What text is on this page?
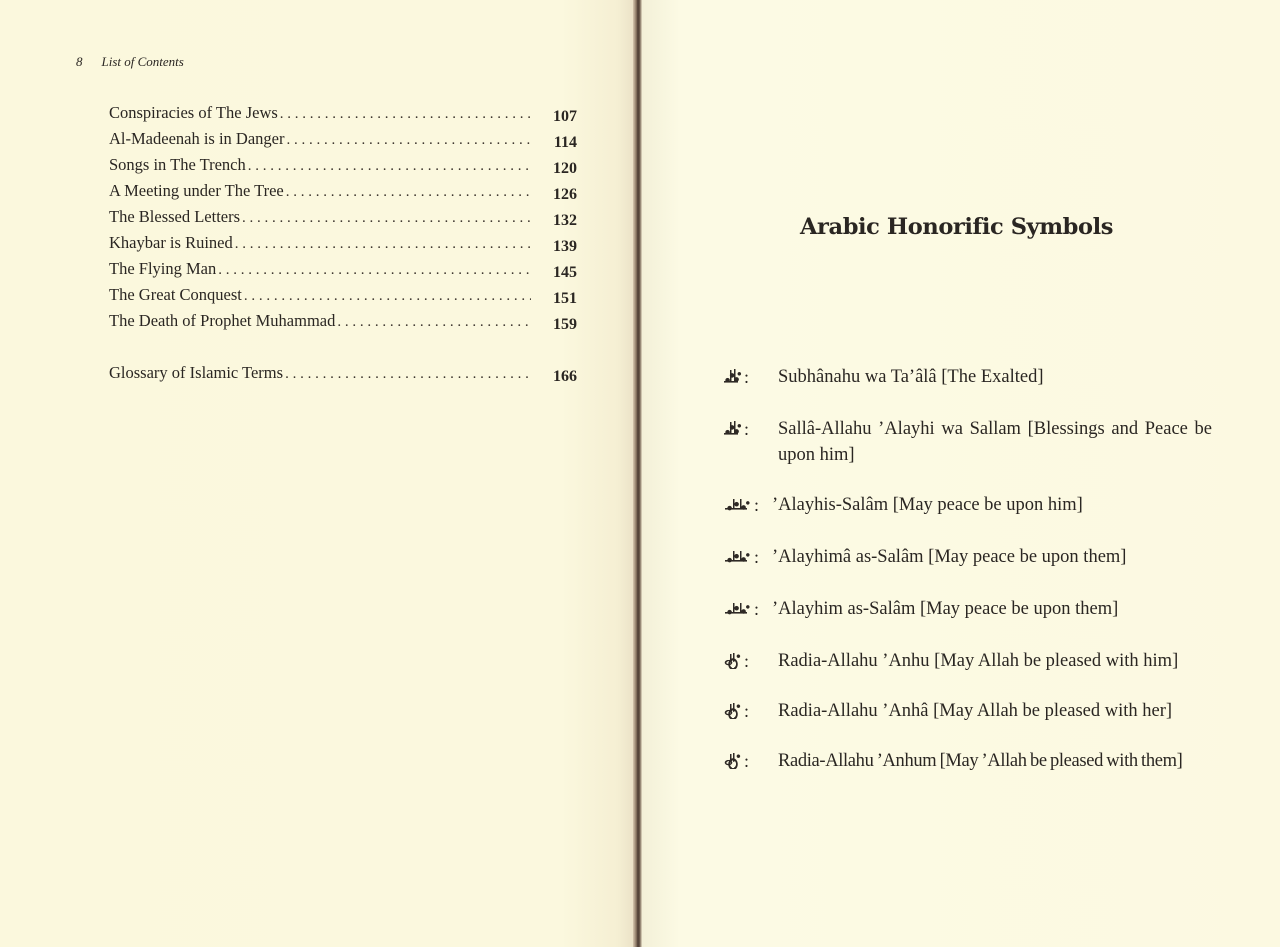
8 List of Contents
Conspiracies of The Jews . . .	107
Al-Madeenah is in Danger . . .	114
Songs in The Trench . . .	120
A Meeting under The Tree . . .	126
The Blessed Letters . . .	132
Khaybar is Ruined . . .	139
The Flying Man . . .	145
The Great Conquest . . .	151
The Death of Prophet Muhammad . . .	159
Glossary of Islamic Terms . . .	166
Arabic Honorific Symbols
: Subhânahu wa Ta’âlâ [The Exalted]
: Sallâ-Allahu ’Alayhi wa Sallam [Blessings and Peace be upon him]
: ’Alayhis-Salâm [May peace be upon him]
: ’Alayhimâ as-Salâm [May peace be upon them]
: ’Alayhim as-Salâm [May peace be upon them]
: Radia-Allahu ’Anhu [May Allah be pleased with him]
: Radia-Allahu ’Anhâ [May Allah be pleased with her]
: Radia-Allahu ’Anhum [May ’Allah be pleased with them]
